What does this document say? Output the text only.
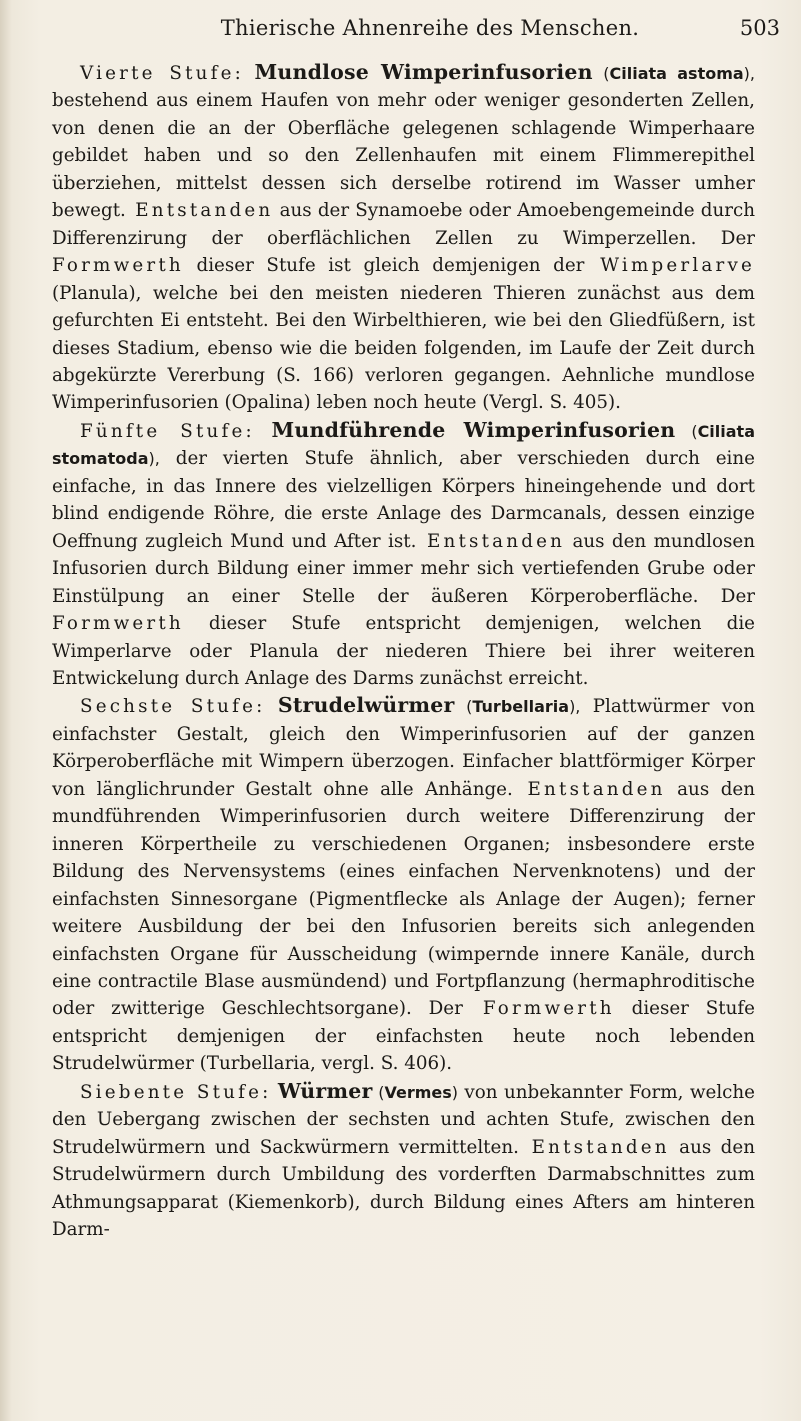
Thierische Ahnenreihe des Menschen.	503

Vierte Stufe: Mundlose Wimperinfusorien (Ciliata astoma), bestehend aus einem Haufen von mehr oder weniger gesonderten Zellen, von denen die an der Oberfläche gelegenen schlagende Wimperhaare gebildet haben und so den Zellenhaufen mit einem Flimmerepithel überziehen, mittelst dessen sich derselbe rotirend im Wasser umher bewegt. Entstanden aus der Synamoebe oder Amoebengemeinde durch Differenzirung der oberflächlichen Zellen zu Wimperzellen. Der Formwerth dieser Stufe ist gleich demjenigen der Wimperlarve (Planula), welche bei den meisten niederen Thieren zunächst aus dem gefurchten Ei entsteht. Bei den Wirbelthieren, wie bei den Gliedfüßern, ist dieses Stadium, ebenso wie die beiden folgenden, im Laufe der Zeit durch abgekürzte Vererbung (S. 166) verloren gegangen. Aehnliche mundlose Wimperinfusorien (Opalina) leben noch heute (Vergl. S. 405).

Fünfte Stufe: Mundführende Wimperinfusorien (Ciliata stomatoda), der vierten Stufe ähnlich, aber verschieden durch eine einfache, in das Innere des vielzelligen Körpers hineingehende und dort blind endigende Röhre, die erste Anlage des Darmcanals, dessen einzige Oeffnung zugleich Mund und After ist. Entstanden aus den mundlosen Infusorien durch Bildung einer immer mehr sich vertiefenden Grube oder Einstülpung an einer Stelle der äußeren Körperoberfläche. Der Formwerth dieser Stufe entspricht demjenigen, welchen die Wimperlarve oder Planula der niederen Thiere bei ihrer weiteren Entwickelung durch Anlage des Darms zunächst erreicht.

Sechste Stufe: Strudelwürmer (Turbellaria), Plattwürmer von einfachster Gestalt, gleich den Wimperinfusorien auf der ganzen Körperoberfläche mit Wimpern überzogen. Einfacher blattförmiger Körper von länglichrunder Gestalt ohne alle Anhänge. Entstanden aus den mundführenden Wimperinfusorien durch weitere Differenzirung der inneren Körpertheile zu verschiedenen Organen; insbesondere erste Bildung des Nervensystems (eines einfachen Nervenknotens) und der einfachsten Sinnesorgane (Pigmentflecke als Anlage der Augen); ferner weitere Ausbildung der bei den Infusorien bereits sich anlegenden einfachsten Organe für Ausscheidung (wimpernde innere Kanäle, durch eine contractile Blase ausmündend) und Fortpflanzung (hermaphroditische oder zwitterige Geschlechtsorgane). Der Formwerth dieser Stufe entspricht demjenigen der einfachsten heute noch lebenden Strudelwürmer (Turbellaria, vergl. S. 406).

Siebente Stufe: Würmer (Vermes) von unbekannter Form, welche den Uebergang zwischen der sechsten und achten Stufe, zwischen den Strudelwürmern und Sackwürmern vermittelten. Entstanden aus den Strudelwürmern durch Umbildung des vorderften Darmabschnittes zum Athmungsapparat (Kiemenkorb), durch Bildung eines Afters am hinteren Darm-
